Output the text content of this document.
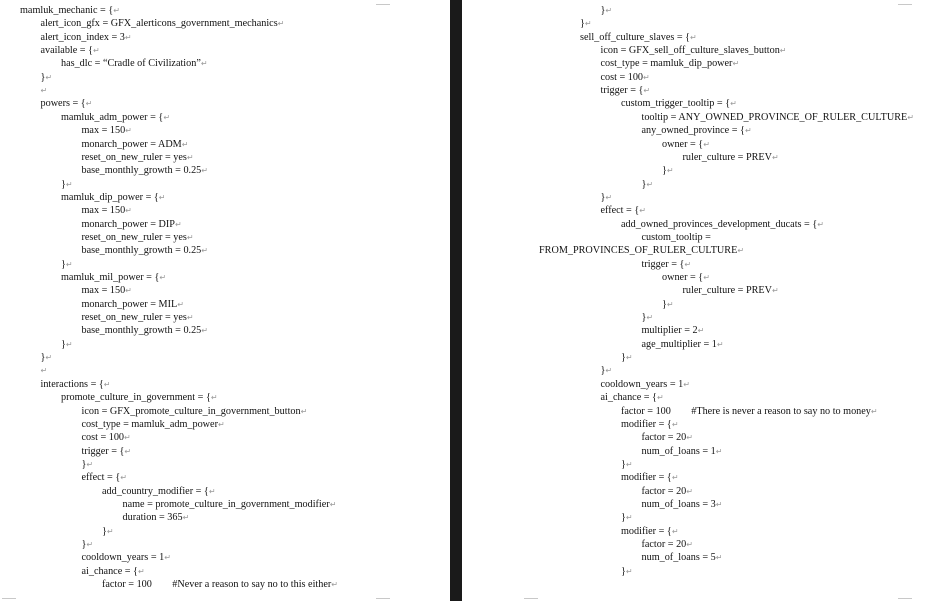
mamluk_mechanic = {↵
alert_icon_gfx = GFX_alerticons_government_mechanics↵
alert_icon_index = 3↵
available = {↵
has_dlc = “Cradle of Civilization”↵
}↵
↵
powers = {↵
mamluk_adm_power = {↵
max = 150↵
monarch_power = ADM↵
reset_on_new_ruler = yes↵
base_monthly_growth = 0.25↵
}↵
mamluk_dip_power = {↵
max = 150↵
monarch_power = DIP↵
reset_on_new_ruler = yes↵
base_monthly_growth = 0.25↵
}↵
mamluk_mil_power = {↵
max = 150↵
monarch_power = MIL↵
reset_on_new_ruler = yes↵
base_monthly_growth = 0.25↵
}↵
}↵
↵
interactions = {↵
promote_culture_in_government = {↵
icon = GFX_promote_culture_in_government_button↵
cost_type = mamluk_adm_power↵
cost = 100↵
trigger = {↵
}↵
effect = {↵
add_country_modifier = {↵
name = promote_culture_in_government_modifier↵
duration = 365↵
}↵
}↵
cooldown_years = 1↵
ai_chance = {↵
factor = 100        #Never a reason to say no to this either↵
}↵
}↵
sell_off_culture_slaves = {↵
icon = GFX_sell_off_culture_slaves_button↵
cost_type = mamluk_dip_power↵
cost = 100↵
trigger = {↵
custom_trigger_tooltip = {↵
tooltip = ANY_OWNED_PROVINCE_OF_RULER_CULTURE↵
any_owned_province = {↵
owner = {↵
ruler_culture = PREV↵
}↵
}↵
}↵
effect = {↵
add_owned_provinces_development_ducats = {↵
custom_tooltip =
FROM_PROVINCES_OF_RULER_CULTURE↵
trigger = {↵
owner = {↵
ruler_culture = PREV↵
}↵
}↵
multiplier = 2↵
age_multiplier = 1↵
}↵
}↵
cooldown_years = 1↵
ai_chance = {↵
factor = 100        #There is never a reason to say no to money↵
modifier = {↵
factor = 20↵
num_of_loans = 1↵
}↵
modifier = {↵
factor = 20↵
num_of_loans = 3↵
}↵
modifier = {↵
factor = 20↵
num_of_loans = 5↵
}↵
